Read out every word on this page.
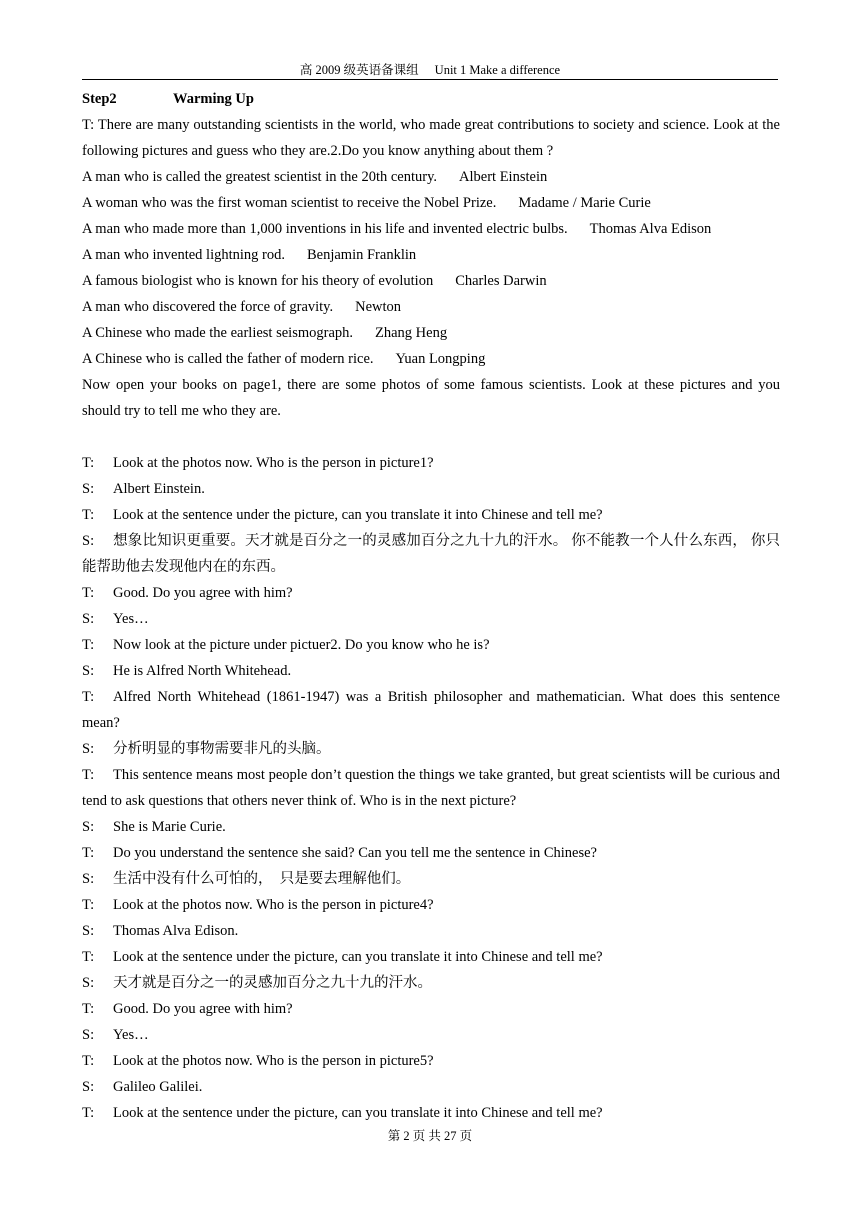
高 2009 级英语备课组 Unit 1 Make a difference
Step2	Warming Up
T: There are many outstanding scientists in the world, who made great contributions to society and science. Look at the following pictures and guess who they are.2.Do you know anything about them ?
A man who is called the greatest scientist in the 20th century. Albert Einstein
A woman who was the first woman scientist to receive the Nobel Prize. Madame / Marie Curie
A man who made more than 1,000 inventions in his life and invented electric bulbs. Thomas Alva Edison
A man who invented lightning rod. Benjamin Franklin
A famous biologist who is known for his theory of evolution Charles Darwin
A man who discovered the force of gravity. Newton
A Chinese who made the earliest seismograph. Zhang Heng
A Chinese who is called the father of modern rice. Yuan Longping
Now open your books on page1, there are some photos of some famous scientists. Look at these pictures and you should try to tell me who they are.
T: Look at the photos now. Who is the person in picture1?
S: Albert Einstein.
T: Look at the sentence under the picture, can you translate it into Chinese and tell me?
S: 想象比知识更重要。天才就是百分之一的灵感加百分之九十九的汗水。 你不能教一个人什么东西， 你只能帮助他去发现他内在的东西。
T: Good. Do you agree with him?
S: Yes…
T: Now look at the picture under pictuer2. Do you know who he is?
S: He is Alfred North Whitehead.
T: Alfred North Whitehead (1861-1947) was a British philosopher and mathematician. What does this sentence mean?
S: 分析明显的事物需要非凡的头脑。
T: This sentence means most people don’t question the things we take granted, but great scientists will be curious and tend to ask questions that others never think of. Who is in the next picture?
S: She is Marie Curie.
T: Do you understand the sentence she said? Can you tell me the sentence in Chinese?
S: 生活中没有什么可怕的，　只是要去理解他们。
T: Look at the photos now. Who is the person in picture4?
S: Thomas Alva Edison.
T: Look at the sentence under the picture, can you translate it into Chinese and tell me?
S: 天才就是百分之一的灵感加百分之九十九的汗水。
T: Good. Do you agree with him?
S: Yes…
T: Look at the photos now. Who is the person in picture5?
S: Galileo Galilei.
T: Look at the sentence under the picture, can you translate it into Chinese and tell me?
第 2 页 共 27 页
